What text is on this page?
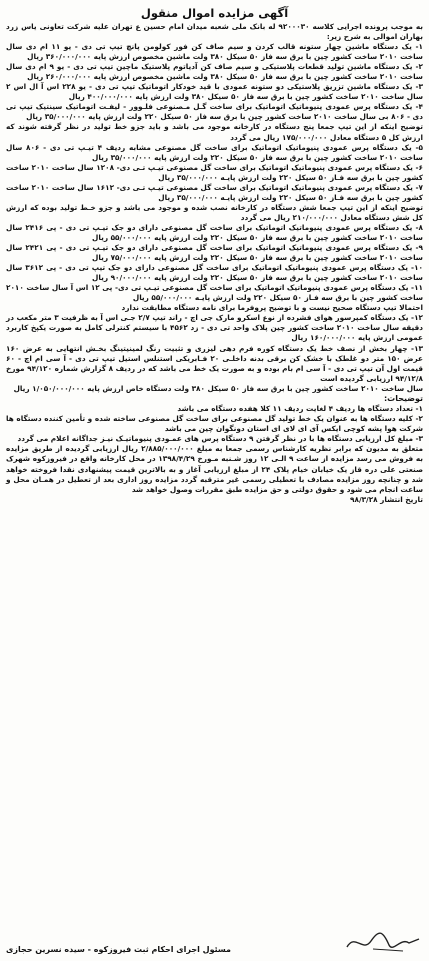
آگهی مزایده اموال منقول

به موجب پرونده اجرایی کلاسه ۹۲۰۰۰۳۰ له بانک ملی شعبه میدان امام حسین ع تهران علیه شرکت تعاونی یاس زرد بهاران اموالی به شرح زیر:

۱- یک دستگاه ماشین چهار ستونه قالب کردن و سیم صاف کن فور کولومن پانچ تیپ تی دی - یو ۱۱ ام دی سال ساخت ۲۰۱۰ ساخت کشور چین با برق سه فاز ۵۰ سیکل ۳۸۰ ولت ماشین مخصوص ارزش پایه ۳۶۰/۰۰۰/۰۰۰ ریال

۲- یک دستگاه ماشین تولید قطعات پلاستیکی و سیم صاف کن آدیاتوم پلاستیک ماچین تیپ تی دی - یو ۹ ام دی سال ساخت ۲۰۱۰ ساخت کشور چین با برق سه فاز ۵۰ سیکل ۳۸۰ ولت ماشین مخصوص ارزش پایه ۲۶۰/۰۰۰/۰۰۰ ریال

۳- یک دستگاه ماشین تزریق پلاستیکی دو ستونه عمودی با قید خودکار اتوماتیک تیپ تی دی - یو ۲۲۸ اس آ ال اس ۲ سال ساخت ۲۰۱۰ ساخت کشور چین با برق سه فاز ۵۰ سیکل ۳۸۰ ولت ارزش پایه ۴۰۰/۰۰۰/۰۰۰ ریال

۴- یک دستگاه پرس عمودی پنیوماتیک اتوماتیک برای ساخت گـل مـصنوعی فلـوور - لیفـت اتوماتیک سینتیک تیپ تی دی - ۸۰۶ بی سال ساخت ۲۰۱۰ ساخت کشور چین با برق سه فاز ۵۰ سیکل ۲۲۰ ولت ارزش پایه ۳۵/۰۰۰/۰۰۰ ریال

توضیح اینکه از این تیپ جمعا پنج دستگاه در کارخانه موجود می باشد و باید جزو خط تولید در نظر گرفته شوند که ارزش کل ۵ دستگاه معادل ۱۷۵/۰۰۰/۰۰۰ ریال می گردد

۵- یک دستگاه پرس عمودی پنیوماتیک اتوماتیک برای ساخت گل مصنوعی مشابه ردیف ۴ تیـپ تی دی - ۸۰۶ سال ساخت ۲۰۱۰ ساخت کشور چین با برق سه فاز ۵۰ سیکل ۲۲۰ ولت ارزش پایه ۳۵/۰۰۰/۰۰۰ ریال

۶- یک دستگاه پرس عمودی پنیوماتیک اتوماتیک برای ساخت گل مصنوعی تیـپ تـی دی- ۱۲۰۸ سال ساخت ۲۰۱۰ ساخت کشور چین با برق سه فـاز ۵۰ سیکل ۲۲۰ ولت ارزش پایـه ۳۵/۰۰۰/۰۰۰ ریال

۷- یک دستگاه پرس عمودی پنیوماتیک اتوماتیک برای ساخت گل مصنوعی تیـپ تـی دی- ۱۶۱۲ سال ساخت ۲۰۱۰ ساخت کشور چین با برق سه فـاز ۵۰ سیکل ۲۲۰ ولت ارزش پایـه ۳۵/۰۰۰/۰۰۰ ریال

توضیح اینکه از این تیپ جمعا شش دستگاه در کارخانه نصب شده و موجود می باشد و جزو خـط تولید بوده که ارزش کل شش دستگاه معادل ۲۱۰/۰۰۰/۰۰۰ ریال می گردد

۸- یک دستگاه پرس عمودی پنیوماتیک اتوماتیک برای ساخت گل مصنوعی دارای دو جک تیـپ تی دی - پی ۲۴۱۶ سال ساخت ۲۰۱۰ ساخت کشور چین با برق سه فاز ۵۰ سیکل ۲۲۰ ولت ارزش پایه ۵۵/۰۰۰/۰۰۰ ریال

۹- یک دستگاه پرس عمودی پنیوماتیک اتوماتیک برای ساخت گل مصنوعی دارای دو جک تیـپ تی دی - پی ۲۴۲۱ سال ساخت ۲۰۱۰ ساخت کشور چین با برق سه فاز ۵۰ سیکل ۲۲۰ ولت ارزش پایه ۷۵/۰۰۰/۰۰۰ ریال

۱۰- یک دستگاه پرس عمودی پنیوماتیک اتوماتیک برای ساخت گل مصنوعی دارای دو جک تیپ تی دی - پی ۳۶۱۲ سال ساخت ۲۰۱۰ ساخت کشور چین با برق سه فاز ۵۰ سیکل ۲۲۰ ولت ارزش پایه ۹۰/۰۰۰/۰۰۰ ریال

۱۱- یک دستگاه پرس عمودی پنیوماتیک اتوماتیک برای ساخت گل مصنوعی تیـپ تی دی- پی ۱۲ اس آ سال ساخت ۲۰۱۰ ساخت کشور چین با برق سه فـاز ۵۰ سیکل ۲۲۰ ولت ارزش پایـه ۵۵/۰۰۰/۰۰۰ ریال

احتمالا تیپ دستگاه صحیح نیست و با توضیح پروفرما برای نامه دستگاه مطابقت ندارد

۱۲- یک دستگاه کمپرسور هوای فشرده از نوع اسکرو مارک جی اچ - راند تیپ ۲/۷ جـی اس آ به ظرفیت ۳ متر مکعب در دقیقه سال ساخت ۲۰۱۰ ساخت کشور چین پلاک واحد تی دی - زد ۴۵۶۲ با سیستم کنترلی کامل به صورت یکپخ کاربرد عمومی ارزش پایه ۱۶۰/۰۰۰/۰۰۰ ریال

۱۳- چهار بخش از نصف خط یک دستگاه کوره فرم دهی لیزری و تثبیت رنگ لمینیتینگ بخـش انتهایی به عرض ۱۶۰ عرض ۱۵۰ متر دو غلطک با خشک کن برقی بدنه داخلـی ۲۰ فـابریکی استنلس استیل تیپ تی دی - آ سی ام اچ - ۶۰ قیمت اول آن تیپ تی دی - آ سی ام بام بوده و به صورت یک خط می باشد که در ردیف ۸ گزارش شماره ۹۴/۱۲۰ مورخ ۹۴/۱۲/۸ ارزیابی گردیده است

سال ساخت ۲۰۱۰ ساخت کشور چین با برق سه فاز ۵۰ سیکل ۳۸۰ ولت دستگاه خاص ارزش پایه ۱/۰۵۰/۰۰۰/۰۰۰ ریال

توضیحات:

۱- تعداد دستگاه ها ردیف ۴ لغایت ردیف ۱۱ کلا هفده دستگاه می باشد

۲- کلیه دستگاه ها به عنوان یک خط تولید گل مصنوعی برای ساخت گل مصنوعی ساخته شده و تأمین کننده دستگاه ها شرکت هوا پشه کوچی ایکس آی ای لای ای استان دونگوان چین می باشد

۳- مبلغ کل ارزیابی دستگاه ها با در نظر گرفتن ۹ دستگاه پرس های عمـودی پنیوماتیـک نیـز جداگانه اعلام می گردد

متعلق به مدیون که برابر نظریه کارشناس رسمی جمعا به مبلغ ۲/۸۸۵/۰۰۰/۰۰۰ ریال ارزیابی گردیده از طریق مزایده به فروش می رسد مزایده از ساعت ۹ الـی ۱۲ روز شـنبه مـورخ ۱۳۹۸/۴/۲۹ در محل کارخانه واقع در فیروزکوه شهرک صنعتی علی دره قاز یک خیابان خیام پلاک ۲۴ از مبلغ ارزیابی آغاز و به بالاترین قیمت پیشنهادی نقدا فروخته خواهد شد و چنانچه روز مزایده مصادف با تعطیلی رسمی غیر مترقبه گردد مزایده روز اداری بعد از تعطیل در همـان محل و ساعت انجام می شود و حقوق دولتی و حق مزایده طبق مقررات وصول خواهد شد

تاریخ انتشار ۹۸/۳/۲۸

مسئول اجرای احکام ثبت فیروزکوه - سیده نسرین حجازی
